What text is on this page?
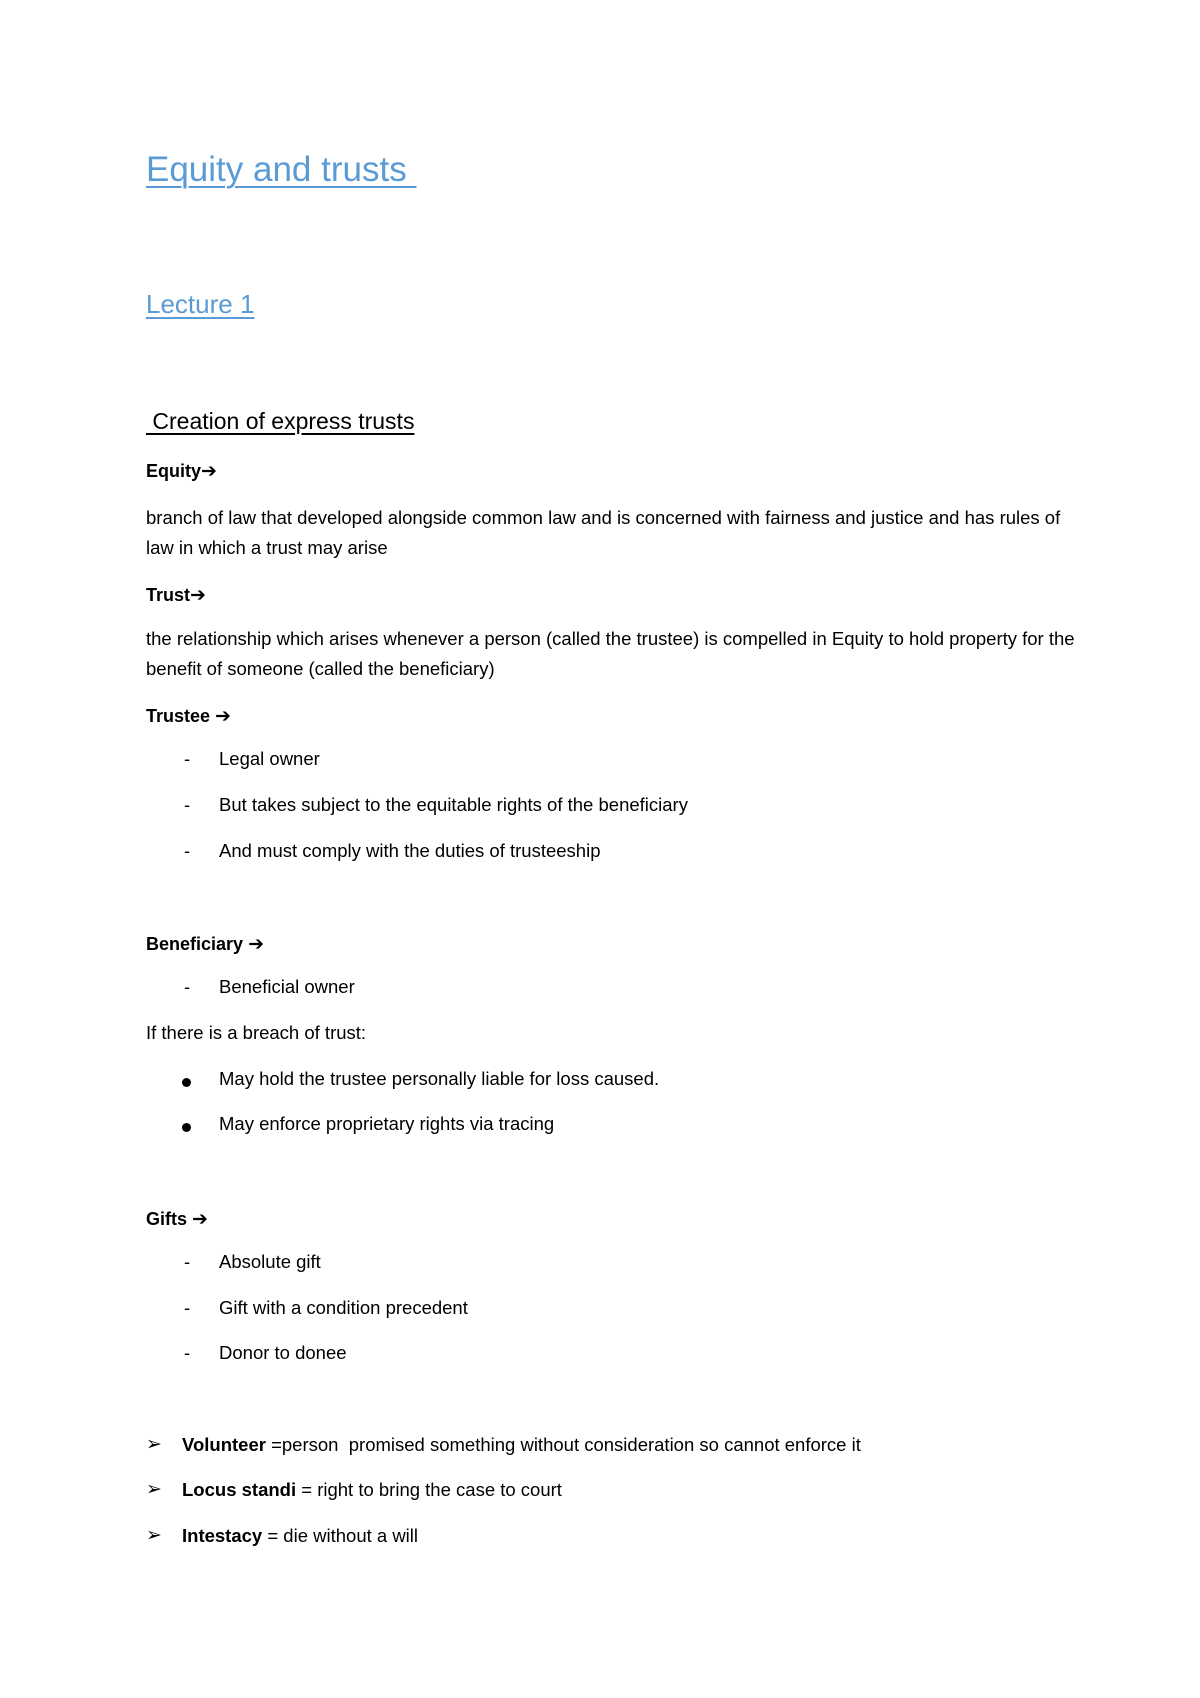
Equity and trusts
Lecture 1
Creation of express trusts
Equity➔
branch of law that developed alongside common law and is concerned with fairness and justice and has rules of law in which a trust may arise
Trust➔
the relationship which arises whenever a person (called the trustee) is compelled in Equity to hold property for the benefit of someone (called the beneficiary)
Trustee ➔
- Legal owner
- But takes subject to the equitable rights of the beneficiary
- And must comply with the duties of trusteeship
Beneficiary ➔
- Beneficial owner
If there is a breach of trust:
May hold the trustee personally liable for loss caused.
May enforce proprietary rights via tracing
Gifts ➔
- Absolute gift
- Gift with a condition precedent
- Donor to donee
➢ Volunteer =person  promised something without consideration so cannot enforce it
➢ Locus standi = right to bring the case to court
➢ Intestacy = die without a will
